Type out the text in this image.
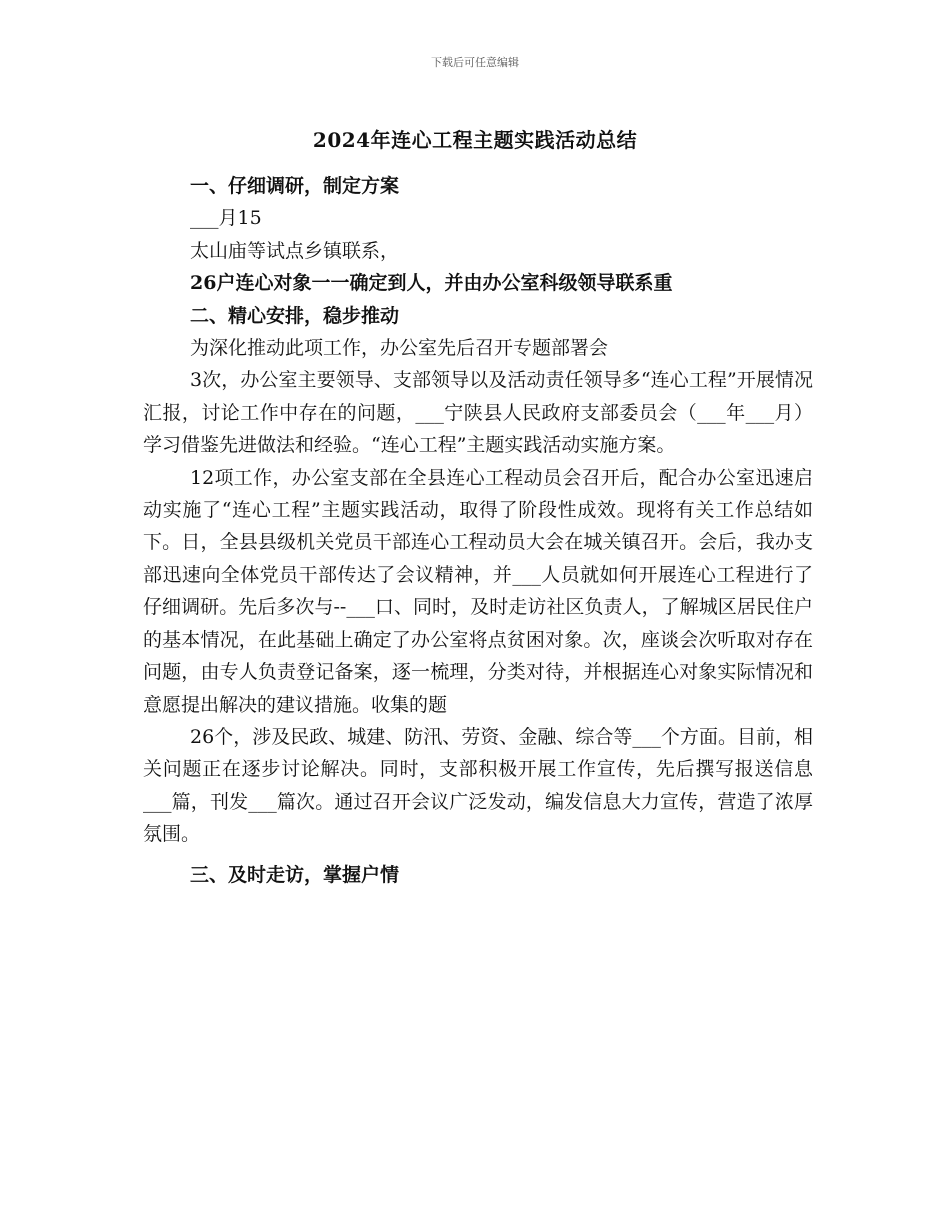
下载后可任意编辑
2024年连心工程主题实践活动总结

一、仔细调研，制定方案

___月15

太山庙等试点乡镇联系，

26户连心对象一一确定到人，并由办公室科级领导联系重

二、精心安排，稳步推动

为深化推动此项工作，办公室先后召开专题部署会

3次，办公室主要领导、支部领导以及活动责任领导多“连心工程”开展情况汇报，讨论工作中存在的问题，___宁陕县人民政府支部委员会（___年___月）学习借鉴先进做法和经验。“连心工程”主题实践活动实施方案。

12项工作，办公室支部在全县连心工程动员会召开后，配合办公室迅速启动实施了“连心工程”主题实践活动，取得了阶段性成效。现将有关工作总结如下。日，全县县级机关党员干部连心工程动员大会在城关镇召开。会后，我办支部迅速向全体党员干部传达了会议精神，并___人员就如何开展连心工程进行了仔细调研。先后多次与--___口、同时，及时走访社区负责人，了解城区居民住户的基本情况，在此基础上确定了办公室将点贫困对象。次，座谈会次听取对存在问题，由专人负责登记备案，逐一梳理，分类对待，并根据连心对象实际情况和意愿提出解决的建议措施。收集的题

26个，涉及民政、城建、防汛、劳资、金融、综合等___个方面。目前，相关问题正在逐步讨论解决。同时，支部积极开展工作宣传，先后撰写报送信息___篇，刊发___篇次。通过召开会议广泛发动，编发信息大力宣传，营造了浓厚氛围。

三、及时走访，掌握户情
